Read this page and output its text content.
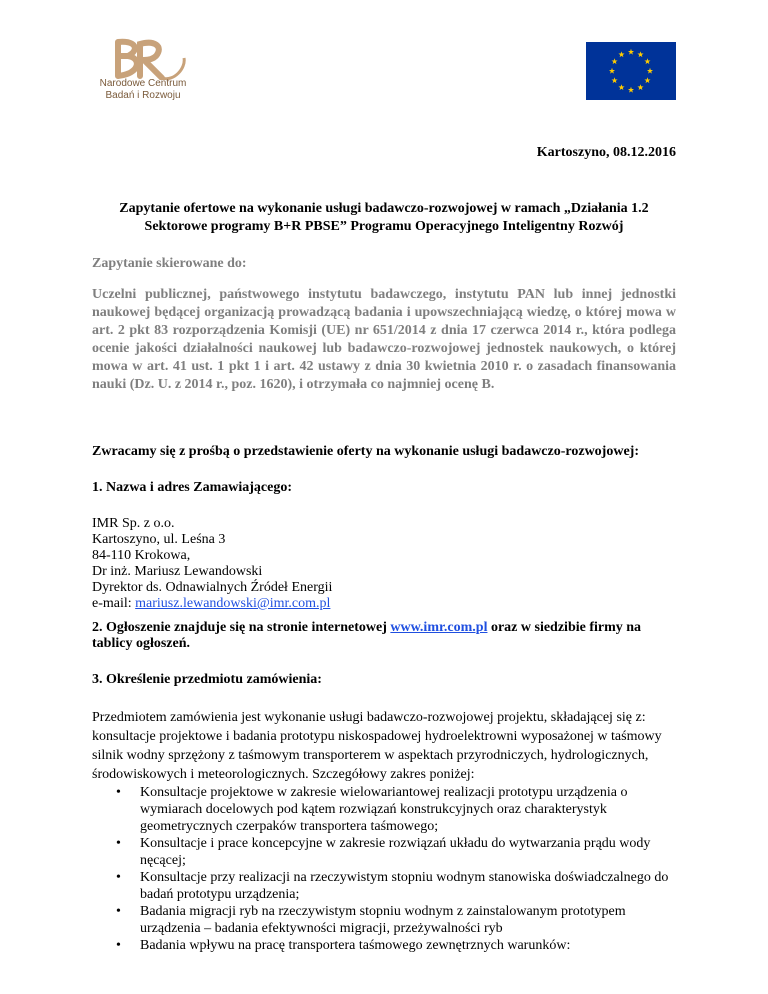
Narodowe Centrum
Badań i Rozwoju
Kartoszyno, 08.12.2016
Zapytanie ofertowe na wykonanie usługi badawczo-rozwojowej w ramach „Działania 1.2 Sektorowe programy B+R PBSE” Programu Operacyjnego Inteligentny Rozwój
Zapytanie skierowane do:
Uczelni publicznej, państwowego instytutu badawczego, instytutu PAN lub innej jednostki naukowej będącej organizacją prowadzącą badania i upowszechniającą wiedzę, o której mowa w art. 2 pkt 83 rozporządzenia Komisji (UE) nr 651/2014 z dnia 17 czerwca 2014 r., która podlega ocenie jakości działalności naukowej lub badawczo-rozwojowej jednostek naukowych, o której mowa w art. 41 ust. 1 pkt 1 i art. 42 ustawy z dnia 30 kwietnia 2010 r. o zasadach finansowania nauki (Dz. U. z 2014 r., poz. 1620), i otrzymała co najmniej ocenę B.
Zwracamy się z prośbą o przedstawienie oferty na wykonanie usługi badawczo-rozwojowej:
1. Nazwa i adres Zamawiającego:
IMR Sp. z o.o.
Kartoszyno, ul. Leśna 3
84-110 Krokowa,
Dr inż. Mariusz Lewandowski
Dyrektor ds. Odnawialnych Źródeł Energii
e-mail: mariusz.lewandowski@imr.com.pl
2. Ogłoszenie znajduje się na stronie internetowej www.imr.com.pl oraz w siedzibie firmy na tablicy ogłoszeń.
3. Określenie przedmiotu zamówienia:
Przedmiotem zamówienia jest wykonanie usługi badawczo-rozwojowej projektu, składającej się z: konsultacje projektowe i badania prototypu niskospadowej hydroelektrowni wyposażonej w taśmowy silnik wodny sprzężony z taśmowym transporterem w aspektach przyrodniczych, hydrologicznych, środowiskowych i meteorologicznych. Szczegółowy zakres poniżej:
• Konsultacje projektowe w zakresie wielowariantowej realizacji prototypu urządzenia o wymiarach docelowych pod kątem rozwiązań konstrukcyjnych oraz charakterystyk geometrycznych czerpaków transportera taśmowego;
• Konsultacje i prace koncepcyjne w zakresie rozwiązań układu do wytwarzania prądu wody nęcącej;
• Konsultacje przy realizacji na rzeczywistym stopniu wodnym stanowiska doświadczalnego do badań prototypu urządzenia;
• Badania migracji ryb na rzeczywistym stopniu wodnym z zainstalowanym prototypem urządzenia – badania efektywności migracji, przeżywalności ryb
• Badania wpływu na pracę transportera taśmowego zewnętrznych warunków:
